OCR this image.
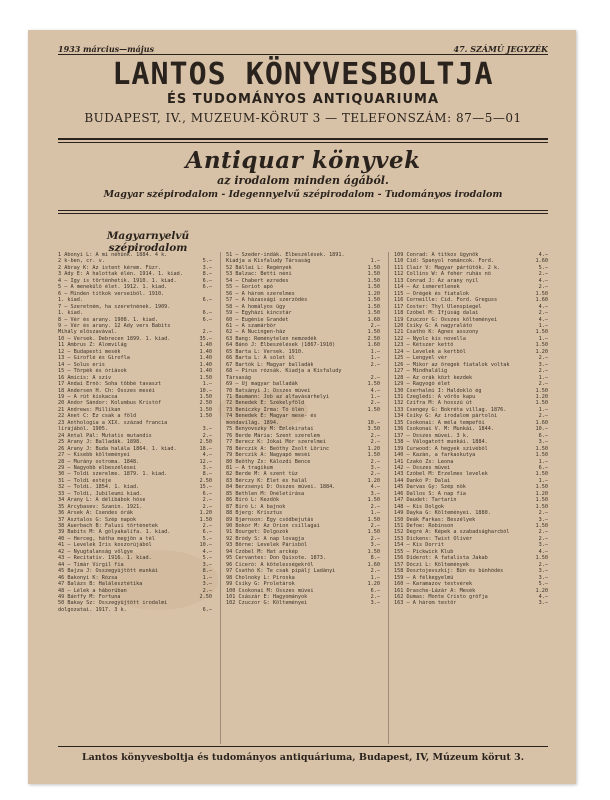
1933 március—május	47. SZÁMÚ JEGYZÉK
LANTOS KÖNYVESBOLTJA
ÉS TUDOMÁNYOS ANTIQUARIUMA
BUDAPEST, IV., MUZEUM-KÖRUT 3 — TELEFONSZÁM: 87—5—01
Antiquar könyvek
az irodalom minden ágából.
Magyar szépirodalom - Idegennyelvű szépirodalom - Tudományos irodalom
Magyarnyelvű szépirodalom
1 Abonyi L: A mi néhünk. 1884. 4 k.
2 k-ben, cr. v.	5.—
2 Abray K: Az istent kérem. Fűzr.	3.—
3 Ady E: A halottak élén. 1914. 1. kiad.	8.—
4 — Így is történhetik. 1910. 1. kiad.	6.—
5 — A menekülő élet. 1912. 1. kiad.	6.—
6 — Minden titkok verseiből. 1910.
1. kiad.	6.—
7 — Szeretném, ha szeretnének. 1909.
1. kiad.	6.—
8 — Vér és arany. 1908. 1. kiad.	6.—
9 — Vér és arany. 12 Ady vers Babits
Mihály előszavával.	2.—
10 — Versek. Debrecen 1899. 1. kiad.	35.—
11 Ambrus Z: Álomvilág	1.40
12 — Budapesti mesék	1.40
13 — Giroflé és Girofla	1.40
14 — Solus eris	1.40
15 — Törpék és óriások	1.40
16 Amicis: A szív	1.50
17 Andai Ernő: Soha többé tavaszt	1.—
18 Andersen H. Ch: Összes meséi	10.—
19 — A rút kiskacsa	1.50
20 Andor Sándor: Kolumbus Kristóf	2.50
21 Andrews: Millikan	1.50
22 Anet C: Ez csak a föld	1.50
23 Anthologia a XIX. század francia
lírájából. 1905.	3.—
24 Antal Pál: Mutatis mutandis	2.—
25 Arany J: Balladák. 1898.	2.50
26 Arany J: Buda halála 1864. 1. kiad.	18.—
27 — Kisebb költeményei	4.—
28 — Murány ostroma. 1848.	12.—
29 — Nagyobb elbeszélései	3.—
30 — Toldi szerelme. 1879. 1. kiad.	8.—
31 — Toldi estéje	2.50
32 — Toldi. 1854. 1. kiad.	15.—
33 — Toldi, Jubileumi kiad.	6.—
34 Arany L: A délibábok hőse	2.—
35 Arcybasev: Szanin. 1921.	2.—
36 Ársek A: Csendes órák	1.20
37 Asztalos G: Szép napok	1.50
38 Auerbach B: Falusi történetek	2.—
39 Babits M: A gólyakalifa. 1. kiad.	6.—
40 — Herceg, hátha megjön a tél	5.—
41 — Levelek Iris koszorújából	10.—
42 — Nyugtalanság völgye	4.—
43 — Recitativ. 1916. 1. kiad.	5.—
44 — Timár Virgil fia	3.—
45 Bajza J: Összegyűjtött munkái	8.—
46 Bakonyi K: Rózsa	1.—
47 Balázs B: Halálesztétika	3.—
48 — Lélek a háborúban	2.—
49 Bánffy M: Fortuna	2.50
50 Bakay Sz: Összegyűjtött irodalmi
dolgozatai. 1917. 3 k.	6.—
51 — Szeder-indák. Elbeszélések. 1891.
Kiadja a Kisfaludy Társaság	1.—
52 Bállai L: Regények	1.50
53 Balzac: Betti néni	1.50
54 — Chabert ezredes	1.50
55 — Goriot apó	1.50
56 — A három szerelmes	1.20
57 — A házassági szerződés	1.50
58 — A homályos ügy	1.50
59 — Egyházi kincstár	1.50
60 — Eugénie Grandet	1.60
61 — A szamárbőr	2.—
62 — A Nucingen-ház	1.50
63 Bang: Reménytelen nemzedék	2.50
64 Bánó J: Elbeszélések (1867-1910)	1.60
65 Barta L: Versek. 1910.	1.—
66 Barta L: A sólet ül	1.—
67 Bartók L: Magyar balladák	2.—
68 — Pirus rózsák. Kiadja a Kisfaludy
Társaság	2.—
69 — Új magyar balladák	1.50
70 Batsányi J: Összes művei	4.—
71 Baumann: Job az alfavásárhelyi	1.—
72 Benedek E: Székelyföld	2.—
73 Beniczky Irma: Tó ölén	1.50
74 Benedek E: Magyar mese- és
mondavilág. 1894.	10.—
75 Benyovszky M: Emlékiratai	3.50
76 Berde Mária: Szent szerelem	2.—
77 Berecz K: Jókai Mór szerelmei	2.—
78 Bérczik Á: Beöthy Zsolt Lörinc	1.20
79 Berczik Á: Nagyapó meséi	1.50
80 Beöthy Zs: Kálozdi Bence	2.—
81 — A tragikum	3.—
82 Berde M: A szent tűz	2.—
83 Bérczy K: Élet és halál	1.20
84 Berzsenyi D: Összes művei. 1884.	4.—
85 Bethlen M: Önéletírása	3.—
86 Bíró L: Kezdők	1.50
87 Bíró L: A bajnok	2.—
88 Bjerg: Krisztus	1.—
89 Bjørnson: Egy csődbejutás	1.50
90 Bokor M: Az Orion csillagai	2.—
91 Bourget: Dolgozók	1.50
92 Bródy S: A nap lovagja	2.—
93 Börne: Levelek Párisból	3.—
94 Czóbel M: Hat arckép	1.50
95 Cervantes: Don Quixote. 1873.	8.—
96 Ciceró: A kötelességekről	1.60
97 Csathó K: Te csak pipálj Ladányi	2.—
98 Cholnoky L: Piroska	1.—
99 Csiky G: Proletárok	1.20
100 Csokonai M: Összes művei	6.—
101 Császár E: Hagyományok	2.—
102 Czuczor G: Költeményei	3.—
109 Conrad: A titkos ügynök	4.—
110 Cid: Spanyol románcok. Ford.	1.60
111 Clair V: Magyar pártütők. 2 k.	5.—
112 Collins W: A fehér ruhás nő	2.—
113 Conrad J: Az arany nyíl	4.—
114 — Az ismeretlenek	2.—
115 — Orégek és fiatalok	1.50
116 Corneille: Cid. Ford. Greguss	1.60
117 Coster: Thyl Ulenspiegel	4.—
118 Czóbel M: Ifjúság dalai	2.—
119 Czuczor G: Összes költeményei	4.—
120 Csiky G: A nagyralátó	1.—
121 Csathó K: Ágnes asszony	1.50
122 — Nyolc kis novella	1.—
123 — Kétszer kettő	1.50
124 — Levelek a kertből	1.20
125 — Lengyel vér	2.—
126 — Mikor az öregek fiatalok voltak	3.—
127 — Mindhalálig	2.—
128 — Az orák közt kezdek	1.—
129 — Ragyogó élet	2.—
130 Cserhalmi I: Haldokló ég	1.50
131 Czeglédi: A vörös kapu	1.20
132 Czifra M: A hosszú út	1.50
133 Csengey G: Bokréta villag. 1876.	1.—
134 Csiky G: Az irodalom pártolói	2.—
135 Csokonai: A méla tempefői	1.60
136 Csokonai V. M: Munkái. 1844.	10.—
137 — Összes művei. 3 k.	6.—
138 — Válogatott munkái. 1884.	3.—
139 Curwood: A hegyek szívéből	1.50
140 — Kazán, a farkaskutya	1.50
141 Czakó Zs: Leona	1.—
142 — Összes művei	6.—
143 Czóbel M: Érzelmes levelek	1.50
144 Dankó P: Dalai	1.—
145 Darvas Gy: Szép nők	1.50
146 Dallos S: A nap fia	1.20
147 Daudet: Tartarin	1.50
148 — Kis Dolgok	1.50
149 Dayka G: Költeményei. 1880.	2.—
150 Deák Farkas: Beszélyek	3.—
151 Defoe: Robinson	1.50
152 Degré A: Képek a szabadságharcból	2.—
153 Dickens: Twist Olivér	2.—
154 — Kis Dorrit	3.—
155 — Pickwick Klub	4.—
156 Diderot: A fatalista Jakab	1.50
157 Dóczi L: Költemények	2.—
158 Dosztojevszkij: Bűn és bűnhődés	3.—
159 — A félkegyelmű	3.—
160 — Karamazov testvérek	5.—
161 Drasche-Lázár A: Mesék	1.20
162 Dumas: Monte Cristo grófja	4.—
163 — A három testőr	3.—
Lantos könyvesboltja és tudományos antiquáriuma, Budapest, IV, Múzeum körut 3.
